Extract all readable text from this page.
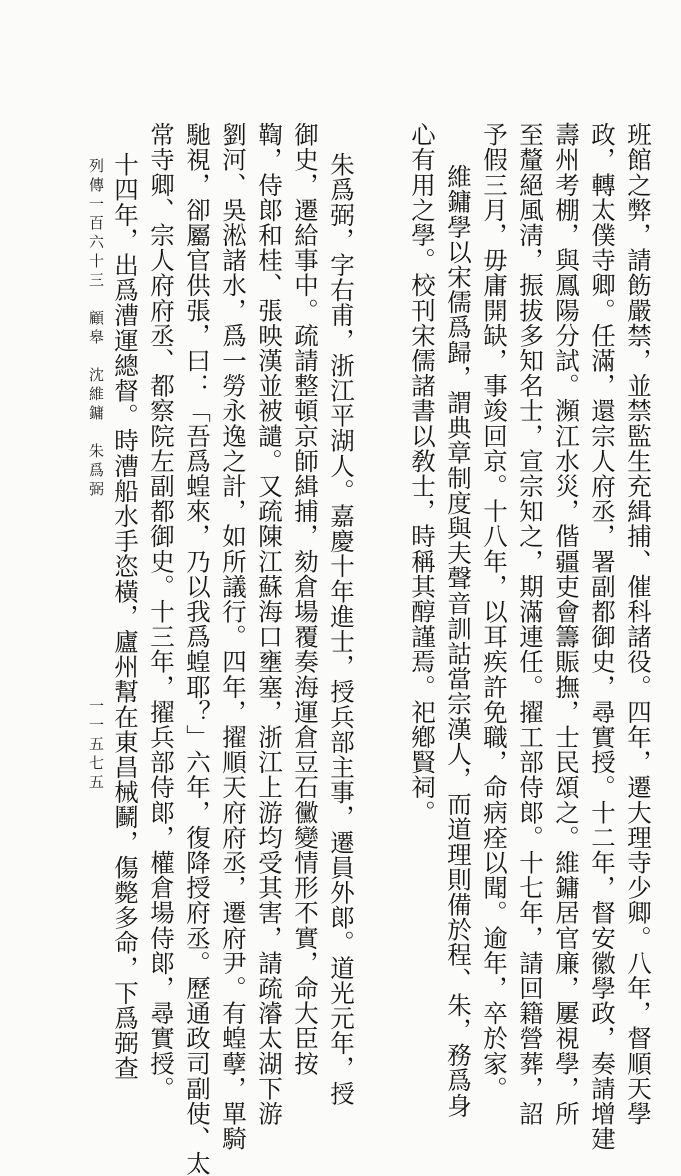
班館之弊，請飭嚴禁，並禁監生充緝捕、催科諸役。四年，遷大理寺少卿。八年，督順天學
政，轉太僕寺卿。任滿，還宗人府丞，署副都御史，尋實授。十二年，督安徽學政，奏請增建
壽州考棚，與鳳陽分試。瀕江水災，偕疆吏會籌賑撫，士民頌之。維鏞居官廉，屢視學，所
至釐絕風淸，振拔多知名士，宣宗知之，期滿連任。擢工部侍郞。十七年，請回籍營葬，詔
予假三月，毋庸開缺，事竣回京。十八年，以耳疾許免職，命病痊以聞。逾年，卒於家。
維鏞學以宋儒爲歸，謂典章制度與夫聲音訓詁當宗漢人，而道理則備於程、朱，務爲身
心有用之學。校刊宋儒諸書以敎士，時稱其醇謹焉。祀鄕賢祠。
朱爲弼，字右甫，浙江平湖人。嘉慶十年進士，授兵部主事，遷員外郞。道光元年，授
御史，遷給事中。疏請整頓京師緝捕，劾倉場覆奏海運倉豆石黴變情形不實，命大臣按
鞫，侍郞和桂、張映漢並被譴。又疏陳江蘇海口壅塞，浙江上游均受其害，請疏濬太湖下游
劉河、吳淞諸水，爲一勞永逸之計，如所議行。四年，擢順天府府丞，遷府尹。有蝗孽，單騎
馳視，卻屬官供張，曰：「吾爲蝗來，乃以我爲蝗耶？」六年，復降授府丞。歷通政司副使、太
常寺卿、宗人府府丞、都察院左副都御史。十三年，擢兵部侍郞，權倉場侍郞，尋實授。
十四年，出爲漕運總督。時漕船水手恣橫，廬州幫在東昌械鬭，傷斃多命，下爲弼查
列傳一百六十三　顧皋　沈維鏞　朱爲弼
一一五七五
